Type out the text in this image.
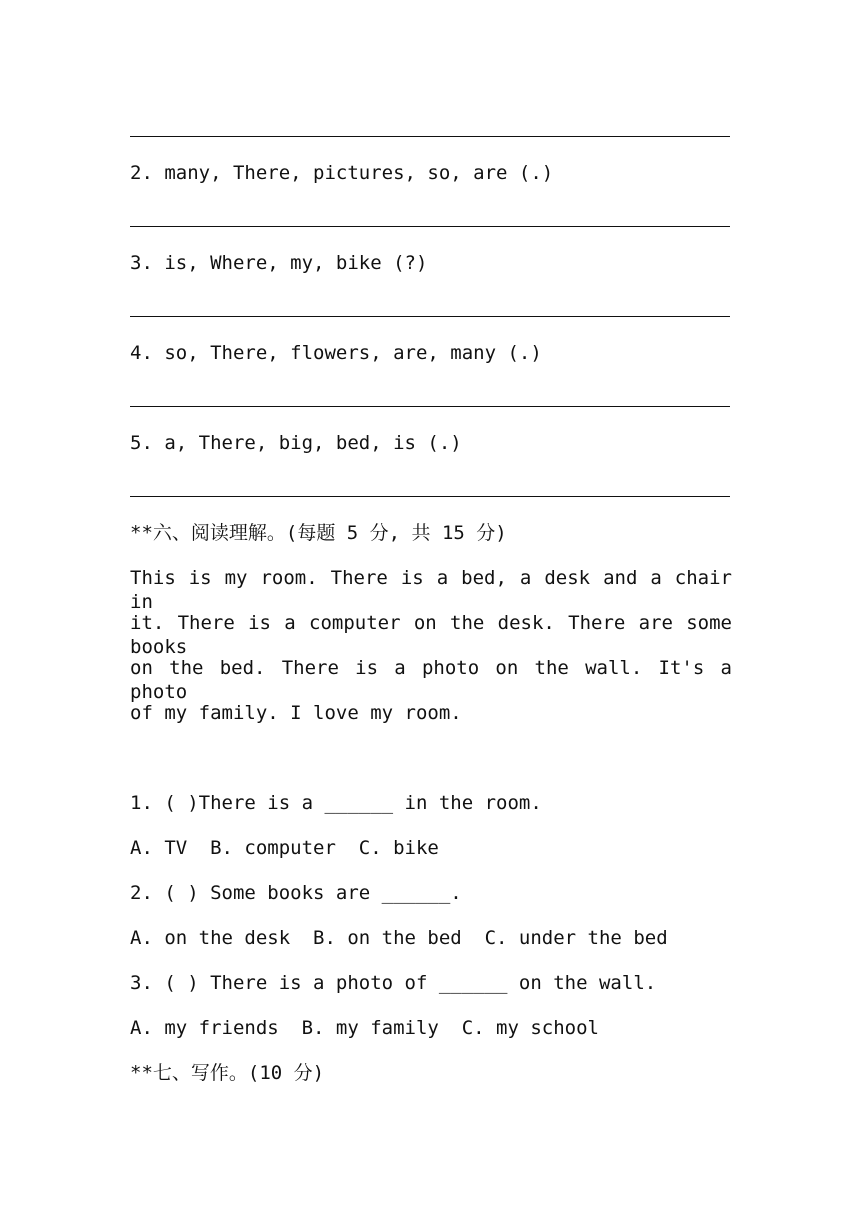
2. many, There, pictures, so, are (.)
3. is, Where, my, bike (?)
4. so, There, flowers, are, many (.)
5. a, There, big, bed, is (.)
**六、阅读理解。(每题 5 分, 共 15 分)
This is my room. There is a bed, a desk and a chair in
it. There is a computer on the desk. There are some books
on the bed. There is a photo on the wall. It's a photo
of my family. I love my room.
1. ( )There is a ______ in the room.
A. TV  B. computer  C. bike
2. ( ) Some books are ______.
A. on the desk  B. on the bed  C. under the bed
3. ( ) There is a photo of ______ on the wall.
A. my friends  B. my family  C. my school
**七、写作。(10 分)
